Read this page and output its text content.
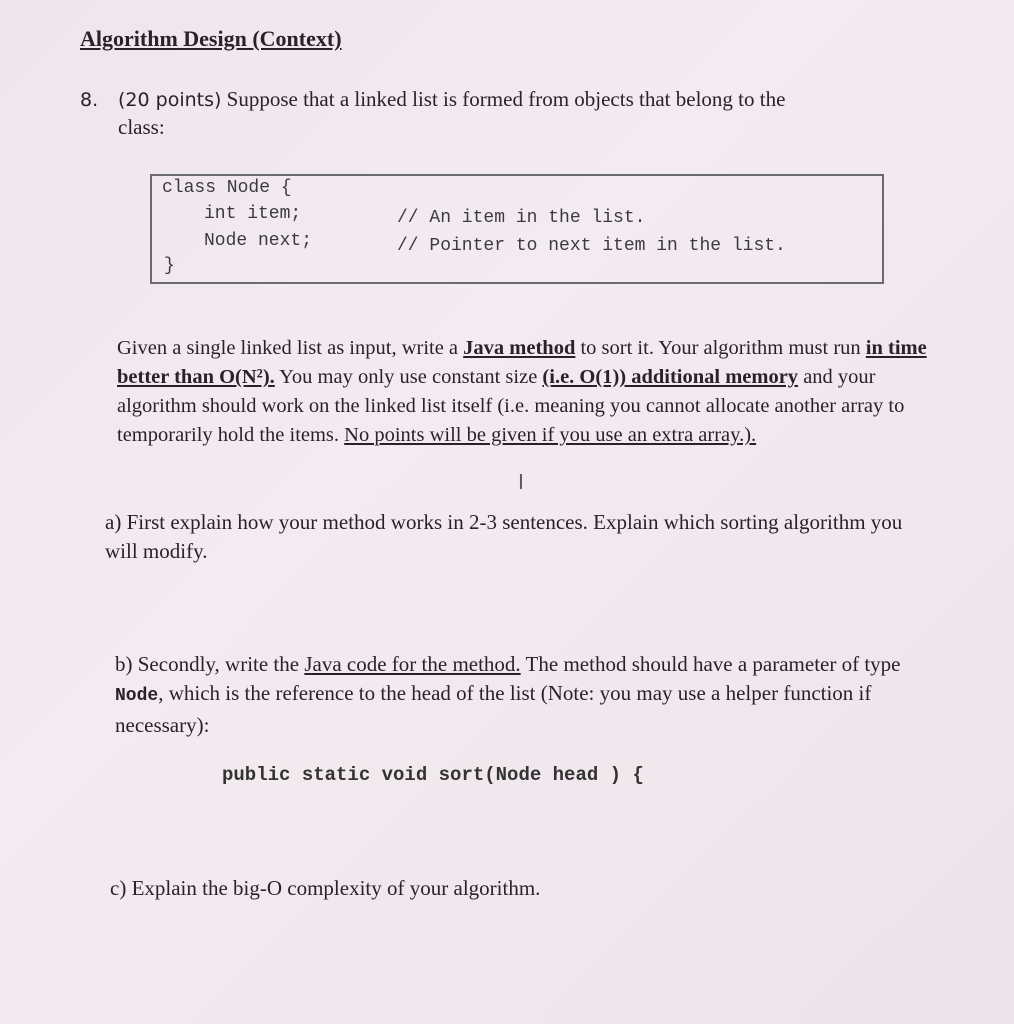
Algorithm Design (Context)
8. (20 points) Suppose that a linked list is formed from objects that belong to the
class:
class Node {
int item;	// An item in the list.
Node next;	// Pointer to next item in the list.
}
Given a single linked list as input, write a Java method to sort it. Your algorithm must run in time better than O(N²). You may only use constant size (i.e. O(1)) additional memory and your algorithm should work on the linked list itself (i.e. meaning you cannot allocate another array to temporarily hold the items. No points will be given if you use an extra array.).
I
a) First explain how your method works in 2-3 sentences. Explain which sorting algorithm you will modify.
b) Secondly, write the Java code for the method. The method should have a parameter of type Node, which is the reference to the head of the list (Note: you may use a helper function if necessary):
public static void sort(Node head ) {
c) Explain the big-O complexity of your algorithm.
